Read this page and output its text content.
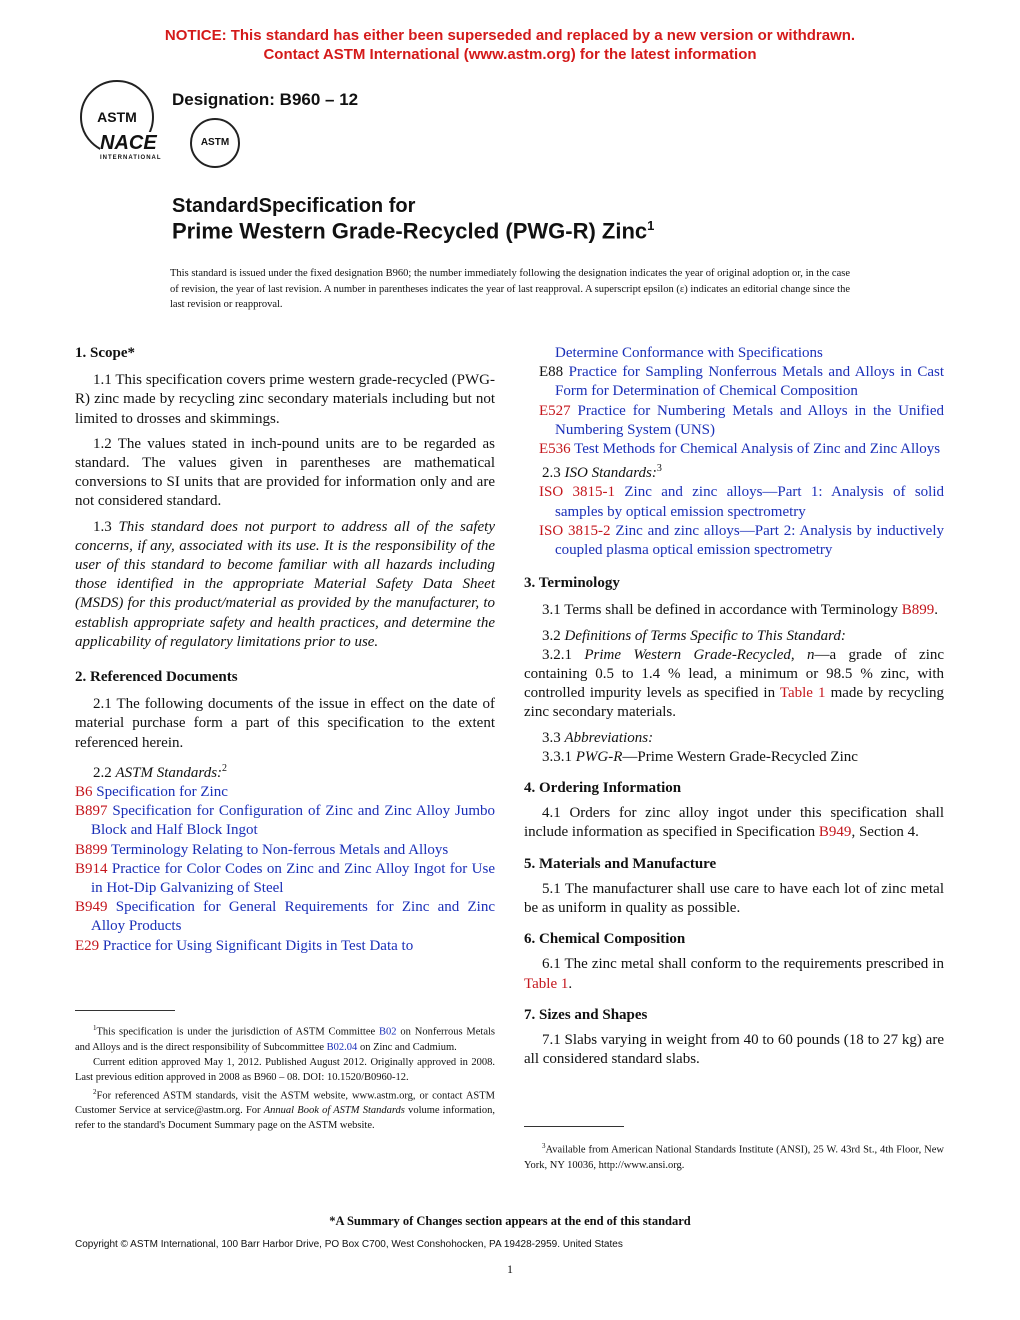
NOTICE: This standard has either been superseded and replaced by a new version or withdrawn.
Contact ASTM International (www.astm.org) for the latest information
ASTM
NACE
INTERNATIONAL
ASTM
Designation: B960 – 12
StandardSpecification for
Prime Western Grade-Recycled (PWG-R) Zinc$^1$
This standard is issued under the fixed designation B960; the number immediately following the designation indicates the year of original adoption or, in the case of revision, the year of last revision. A number in parentheses indicates the year of last reapproval. A superscript epsilon (ε) indicates an editorial change since the last revision or reapproval.
1. Scope*

1.1 This specification covers prime western grade-recycled (PWG-R) zinc made by recycling zinc secondary materials including but not limited to drosses and skimmings.

1.2 The values stated in inch-pound units are to be regarded as standard. The values given in parentheses are mathematical conversions to SI units that are provided for information only and are not considered standard.

1.3 This standard does not purport to address all of the safety concerns, if any, associated with its use. It is the responsibility of the user of this standard to become familiar with all hazards including those identified in the appropriate Material Safety Data Sheet (MSDS) for this product/material as provided by the manufacturer, to establish appropriate safety and health practices, and determine the applicability of regulatory limitations prior to use.

2. Referenced Documents

2.1 The following documents of the issue in effect on the date of material purchase form a part of this specification to the extent referenced herein.

2.2 ASTM Standards:$^2$

B6 Specification for Zinc

B897 Specification for Configuration of Zinc and Zinc Alloy Jumbo Block and Half Block Ingot

B899 Terminology Relating to Non-ferrous Metals and Alloys

B914 Practice for Color Codes on Zinc and Zinc Alloy Ingot for Use in Hot-Dip Galvanizing of Steel

B949 Specification for General Requirements for Zinc and Zinc Alloy Products

E29 Practice for Using Significant Digits in Test Data to

$^1$This specification is under the jurisdiction of ASTM Committee B02 on Nonferrous Metals and Alloys and is the direct responsibility of Subcommittee B02.04 on Zinc and Cadmium.

Current edition approved May 1, 2012. Published August 2012. Originally approved in 2008. Last previous edition approved in 2008 as B960 – 08. DOI: 10.1520/B0960-12.

$^2$For referenced ASTM standards, visit the ASTM website, www.astm.org, or contact ASTM Customer Service at service@astm.org. For Annual Book of ASTM Standards volume information, refer to the standard's Document Summary page on the ASTM website.

Determine Conformance with Specifications

E88 Practice for Sampling Nonferrous Metals and Alloys in Cast Form for Determination of Chemical Composition

E527 Practice for Numbering Metals and Alloys in the Unified Numbering System (UNS)

E536 Test Methods for Chemical Analysis of Zinc and Zinc Alloys

2.3 ISO Standards:$^3$

ISO 3815-1 Zinc and zinc alloys—Part 1: Analysis of solid samples by optical emission spectrometry

ISO 3815-2 Zinc and zinc alloys—Part 2: Analysis by inductively coupled plasma optical emission spectrometry

3. Terminology

3.1 Terms shall be defined in accordance with Terminology B899.

3.2 Definitions of Terms Specific to This Standard:

3.2.1 Prime Western Grade-Recycled, n—a grade of zinc containing 0.5 to 1.4 % lead, a minimum or 98.5 % zinc, with controlled impurity levels as specified in Table 1 made by recycling zinc secondary materials.

3.3 Abbreviations:

3.3.1 PWG-R—Prime Western Grade-Recycled Zinc

4. Ordering Information

4.1 Orders for zinc alloy ingot under this specification shall include information as specified in Specification B949, Section 4.

5. Materials and Manufacture

5.1 The manufacturer shall use care to have each lot of zinc metal be as uniform in quality as possible.

6. Chemical Composition

6.1 The zinc metal shall conform to the requirements prescribed in Table 1.

7. Sizes and Shapes

7.1 Slabs varying in weight from 40 to 60 pounds (18 to 27 kg) are all considered standard slabs.

$^3$Available from American National Standards Institute (ANSI), 25 W. 43rd St., 4th Floor, New York, NY 10036, http://www.ansi.org.

*A Summary of Changes section appears at the end of this standard
Copyright © ASTM International, 100 Barr Harbor Drive, PO Box C700, West Conshohocken, PA 19428-2959. United States
1
